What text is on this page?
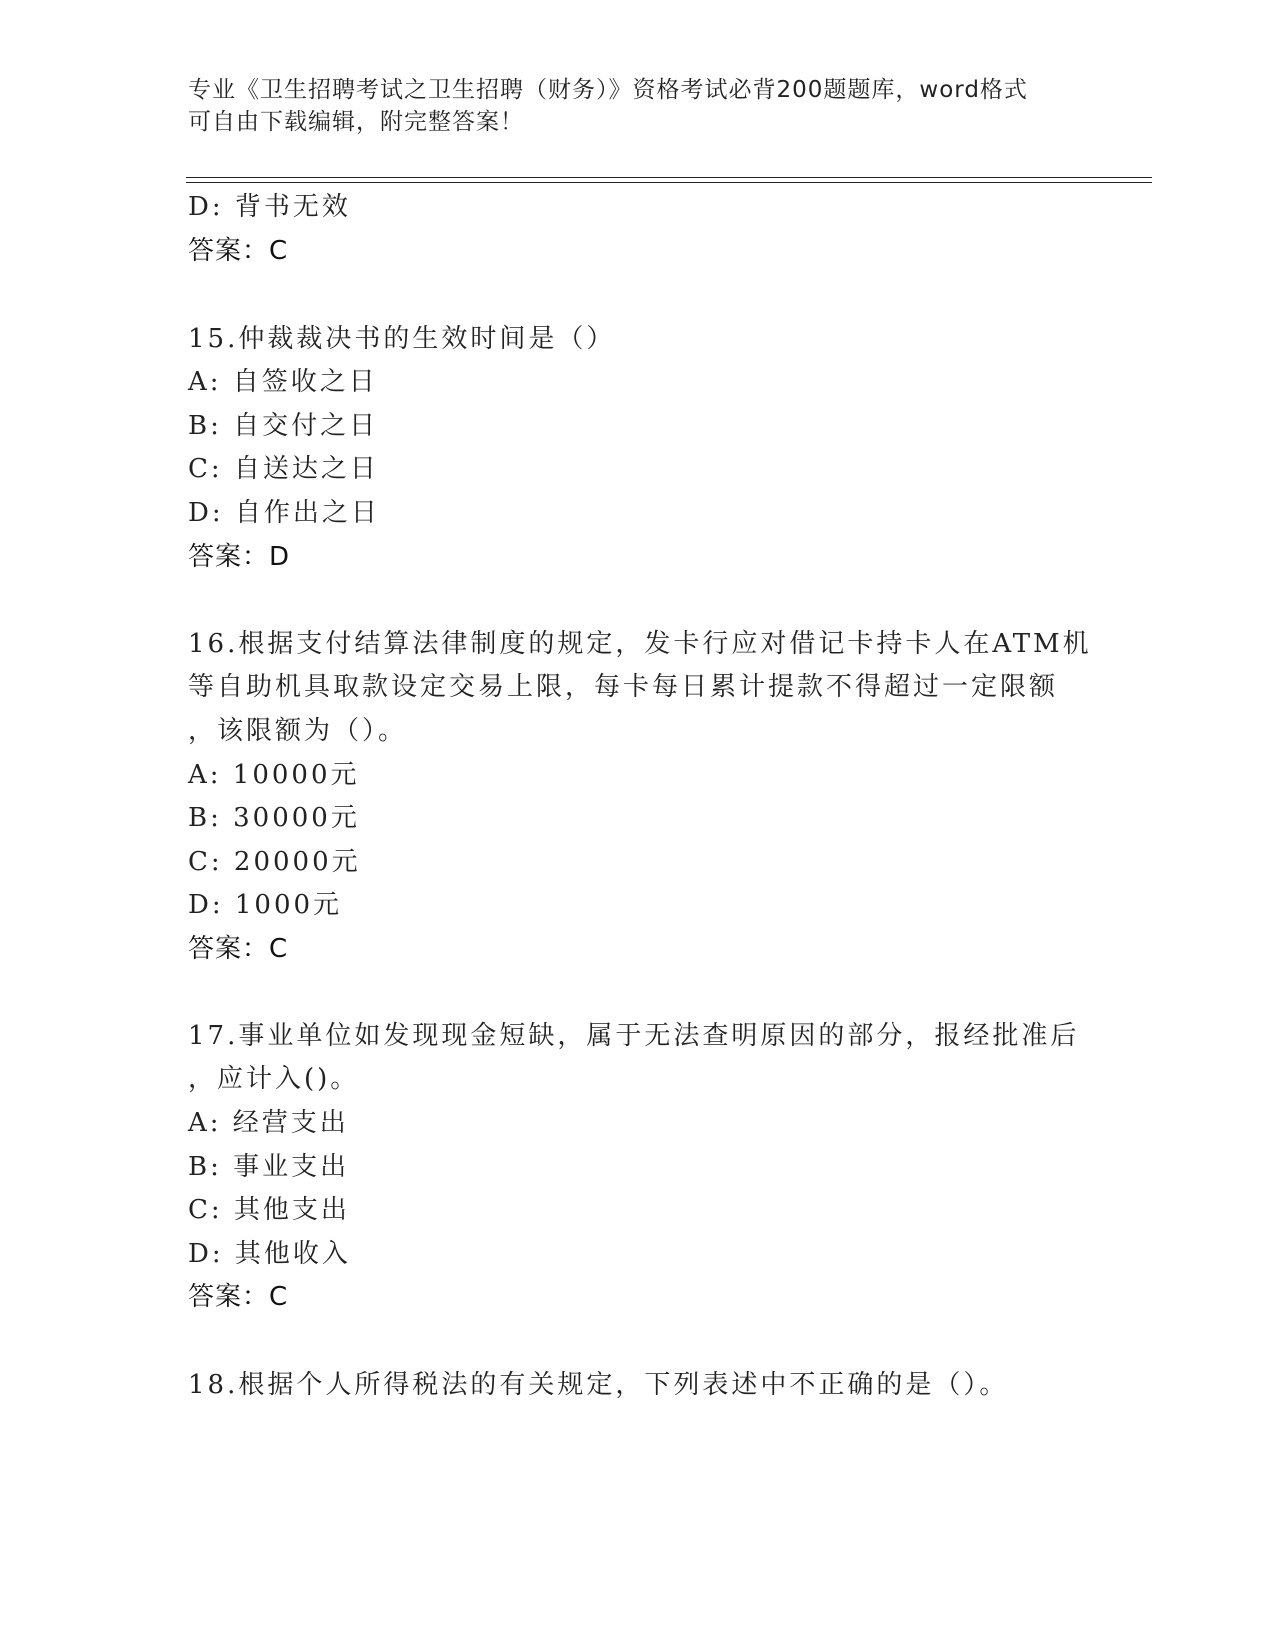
专业《卫生招聘考试之卫生招聘（财务）》资格考试必背200题题库，word格式
可自由下载编辑，附完整答案！
D: 背书无效
答案：C
15.仲裁裁决书的生效时间是（）
A: 自签收之日
B: 自交付之日
C: 自送达之日
D: 自作出之日
答案：D
16.根据支付结算法律制度的规定，发卡行应对借记卡持卡人在ATM机
等自助机具取款设定交易上限，每卡每日累计提款不得超过一定限额
，该限额为（）。
A: 10000元
B: 30000元
C: 20000元
D: 1000元
答案：C
17.事业单位如发现现金短缺，属于无法查明原因的部分，报经批准后
，应计入()。
A: 经营支出
B: 事业支出
C: 其他支出
D: 其他收入
答案：C
18.根据个人所得税法的有关规定，下列表述中不正确的是（）。
